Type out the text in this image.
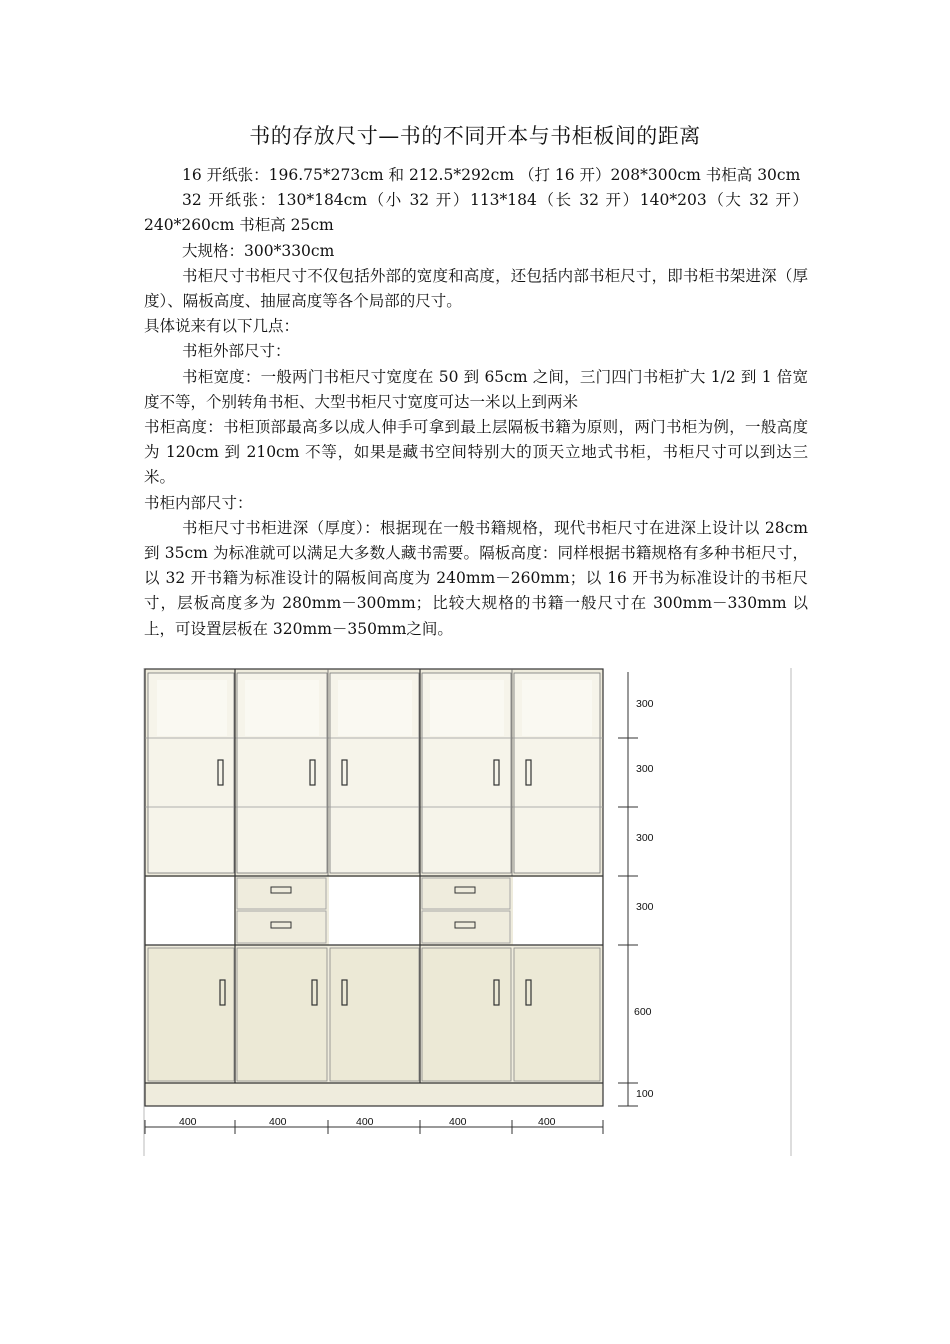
书的存放尺寸—书的不同开本与书柜板间的距离

16 开纸张：196.75*273cm 和 212.5*292cm （打 16 开）208*300cm 书柜高 30cm

32 开纸张：130*184cm（小 32 开）113*184（长 32 开）140*203（大 32 开）240*260cm 书柜高 25cm

大规格：300*330cm

书柜尺寸书柜尺寸不仅包括外部的宽度和高度，还包括内部书柜尺寸，即书柜书架进深（厚度）、隔板高度、抽屉高度等各个局部的尺寸。

具体说来有以下几点：

书柜外部尺寸：

书柜宽度：一般两门书柜尺寸宽度在 50 到 65cm 之间，三门四门书柜扩大 1/2 到 1 倍宽度不等，个别转角书柜、大型书柜尺寸宽度可达一米以上到两米

书柜高度：书柜顶部最高多以成人伸手可拿到最上层隔板书籍为原则，两门书柜为例，一般高度为 120cm 到 210cm 不等，如果是藏书空间特别大的顶天立地式书柜，书柜尺寸可以到达三米。

书柜内部尺寸：

书柜尺寸书柜进深（厚度）：根据现在一般书籍规格，现代书柜尺寸在进深上设计以 28cm 到 35cm 为标准就可以满足大多数人藏书需要。隔板高度：同样根据书籍规格有多种书柜尺寸，以 32 开书籍为标准设计的隔板间高度为 240mm－260mm；以 16 开书为标准设计的书柜尺寸，层板高度多为 280mm－300mm；比较大规格的书籍一般尺寸在 300mm－330mm 以上，可设置层板在 320mm－350mm之间。

300
300
300
300
600
100
400	400	400	400	400
